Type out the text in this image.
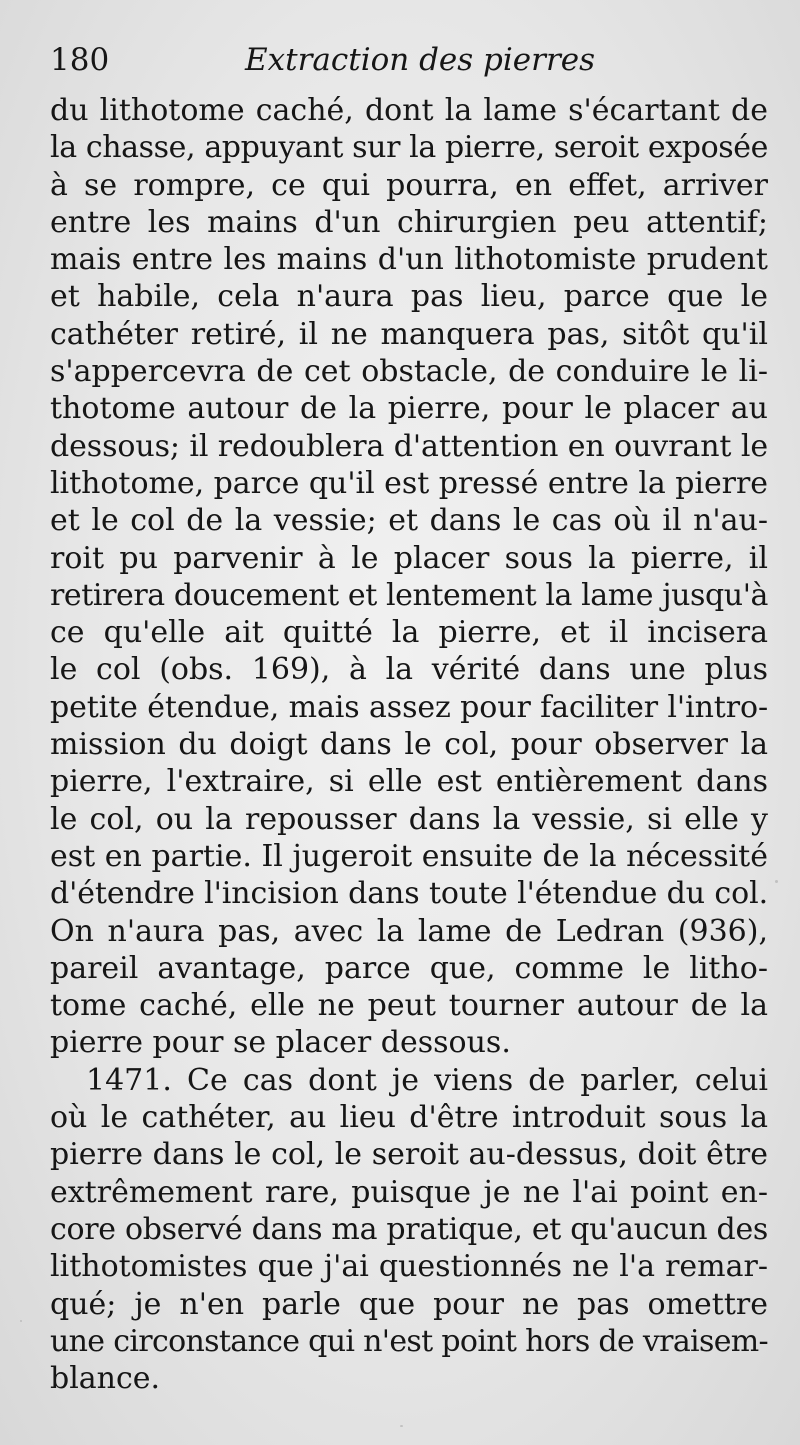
180	Extraction des pierres

du lithotome caché, dont la lame s'écartant de
la chasse, appuyant sur la pierre, seroit exposée
à se rompre, ce qui pourra, en effet, arriver
entre les mains d'un chirurgien peu attentif;
mais entre les mains d'un lithotomiste prudent
et habile, cela n'aura pas lieu, parce que le
cathéter retiré, il ne manquera pas, sitôt qu'il
s'appercevra de cet obstacle, de conduire le li-
thotome autour de la pierre, pour le placer au
dessous; il redoublera d'attention en ouvrant le
lithotome, parce qu'il est pressé entre la pierre
et le col de la vessie; et dans le cas où il n'au-
roit pu parvenir à le placer sous la pierre, il
retirera doucement et lentement la lame jusqu'à
ce qu'elle ait quitté la pierre, et il incisera
le col (obs. 169), à la vérité dans une plus
petite étendue, mais assez pour faciliter l'intro-
mission du doigt dans le col, pour observer la
pierre, l'extraire, si elle est entièrement dans
le col, ou la repousser dans la vessie, si elle y
est en partie. Il jugeroit ensuite de la nécessité
d'étendre l'incision dans toute l'étendue du col.
On n'aura pas, avec la lame de Ledran (936),
pareil avantage, parce que, comme le litho-
tome caché, elle ne peut tourner autour de la
pierre pour se placer dessous.

1471. Ce cas dont je viens de parler, celui
où le cathéter, au lieu d'être introduit sous la
pierre dans le col, le seroit au-dessus, doit être
extrêmement rare, puisque je ne l'ai point en-
core observé dans ma pratique, et qu'aucun des
lithotomistes que j'ai questionnés ne l'a remar-
qué; je n'en parle que pour ne pas omettre
une circonstance qui n'est point hors de vraisem-
blance.
